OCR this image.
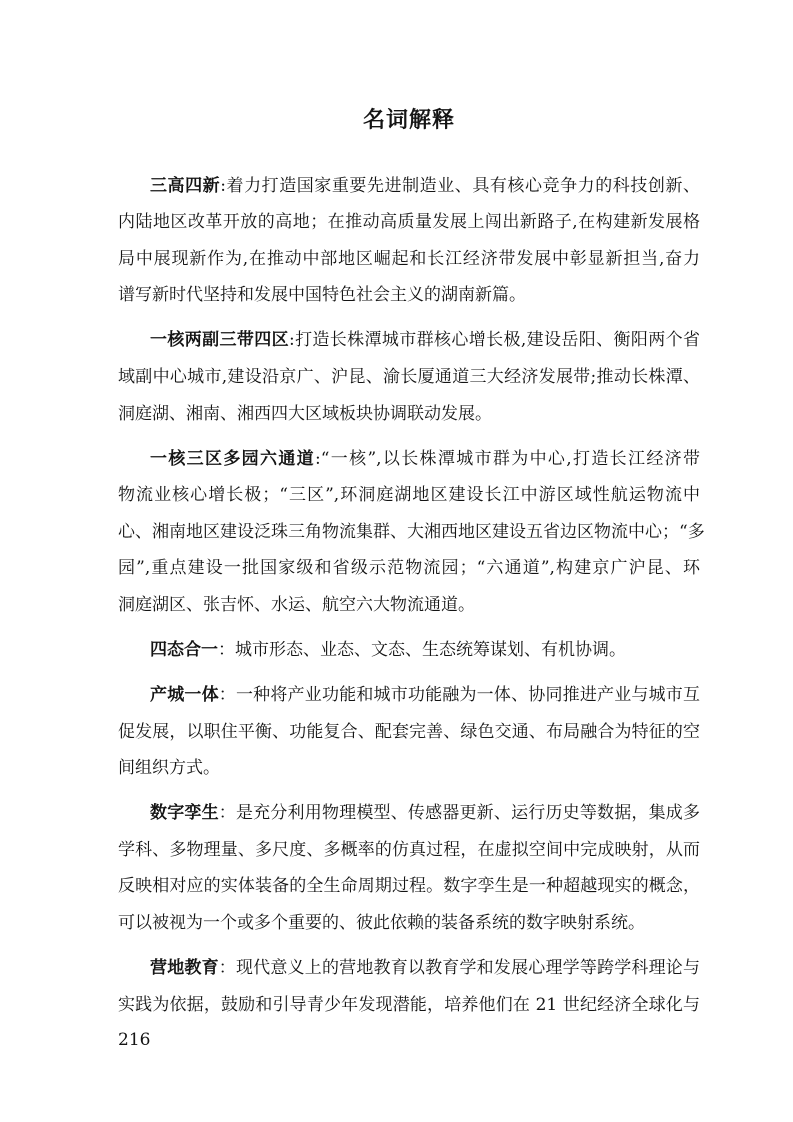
名词解释
三高四新:着力打造国家重要先进制造业、具有核心竞争力的科技创新、
内陆地区改革开放的高地；在推动高质量发展上闯出新路子,在构建新发展格
局中展现新作为,在推动中部地区崛起和长江经济带发展中彰显新担当,奋力
谱写新时代坚持和发展中国特色社会主义的湖南新篇。
一核两副三带四区:打造长株潭城市群核心增长极,建设岳阳、衡阳两个省
域副中心城市,建设沿京广、沪昆、渝长厦通道三大经济发展带;推动长株潭、
洞庭湖、湘南、湘西四大区域板块协调联动发展。
一核三区多园六通道:“一核”,以长株潭城市群为中心,打造长江经济带
物流业核心增长极；“三区”,环洞庭湖地区建设长江中游区域性航运物流中
心、湘南地区建设泛珠三角物流集群、大湘西地区建设五省边区物流中心；“多
园”,重点建设一批国家级和省级示范物流园；“六通道”,构建京广沪昆、环
洞庭湖区、张吉怀、水运、航空六大物流通道。
四态合一：城市形态、业态、文态、生态统筹谋划、有机协调。
产城一体：一种将产业功能和城市功能融为一体、协同推进产业与城市互
促发展，以职住平衡、功能复合、配套完善、绿色交通、布局融合为特征的空
间组织方式。
数字孪生：是充分利用物理模型、传感器更新、运行历史等数据，集成多
学科、多物理量、多尺度、多概率的仿真过程，在虚拟空间中完成映射，从而
反映相对应的实体装备的全生命周期过程。数字孪生是一种超越现实的概念，
可以被视为一个或多个重要的、彼此依赖的装备系统的数字映射系统。
营地教育：现代意义上的营地教育以教育学和发展心理学等跨学科理论与
实践为依据，鼓励和引导青少年发现潜能，培养他们在 21 世纪经济全球化与
216
